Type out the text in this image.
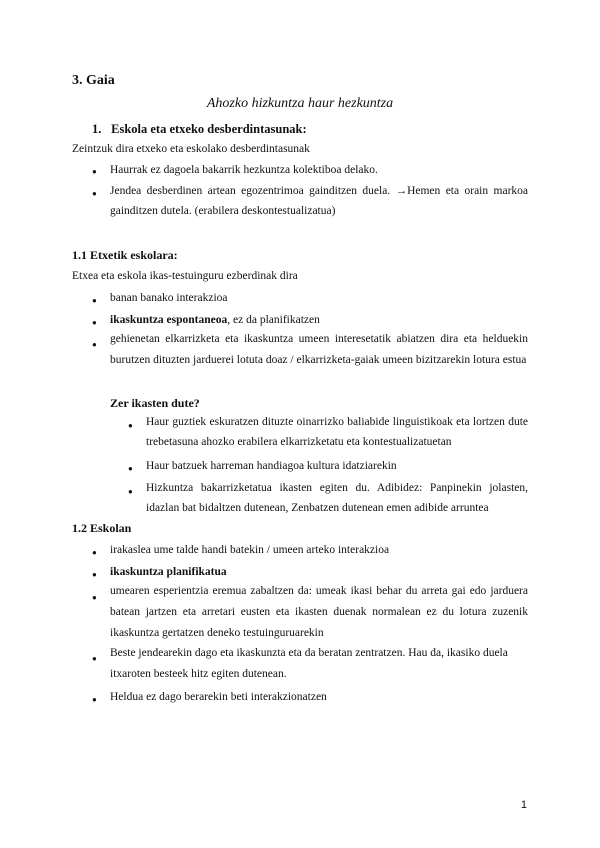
3. Gaia
Ahozko hizkuntza haur hezkuntza
1. Eskola eta etxeko desberdintasunak:
Zeintzuk dira etxeko eta eskolako desberdintasunak
● Haurrak ez dagoela bakarrik hezkuntza kolektiboa delako.
● Jendea desberdinen artean egozentrimoa gainditzen duela. →Hemen eta orain markoa gainditzen dutela. (erabilera deskontestualizatua)
1.1 Etxetik eskolara:
Etxea eta eskola ikas-testuinguru ezberdinak dira
● banan banako interakzioa
● ikaskuntza espontaneoa, ez da planifikatzen
● gehienetan elkarrizketa eta ikaskuntza umeen interesetatik abiatzen dira eta helduekin burutzen dituzten jarduerei lotuta doaz / elkarrizketa-gaiak umeen bizitzarekin lotura estua
Zer ikasten dute?
● Haur guztiek eskuratzen dituzte oinarrizko baliabide linguistikoak eta lortzen dute trebetasuna ahozko erabilera elkarrizketatu eta kontestualizatuetan
● Haur batzuek harreman handiagoa kultura idatziarekin
● Hizkuntza bakarrizketatua ikasten egiten du. Adibidez: Panpinekin jolasten, idazlan bat bidaltzen dutenean, Zenbatzen dutenean emen adibide arruntea
1.2 Eskolan
● irakaslea ume talde handi batekin / umeen arteko interakzioa
● ikaskuntza planifikatua
●
umearen esperientzia eremua zabaltzen da: umeak ikasi behar du arreta gai edo jarduera batean jartzen eta arretari eusten eta ikasten duenak normalean ez du lotura zuzenik ikaskuntza gertatzen deneko testuinguruarekin
● Beste jendearekin dago eta ikaskunzta eta da beratan zentratzen. Hau da, ikasiko duela itxaroten besteek hitz egiten dutenean.
● Heldua ez dago berarekin beti interakzionatzen
1
